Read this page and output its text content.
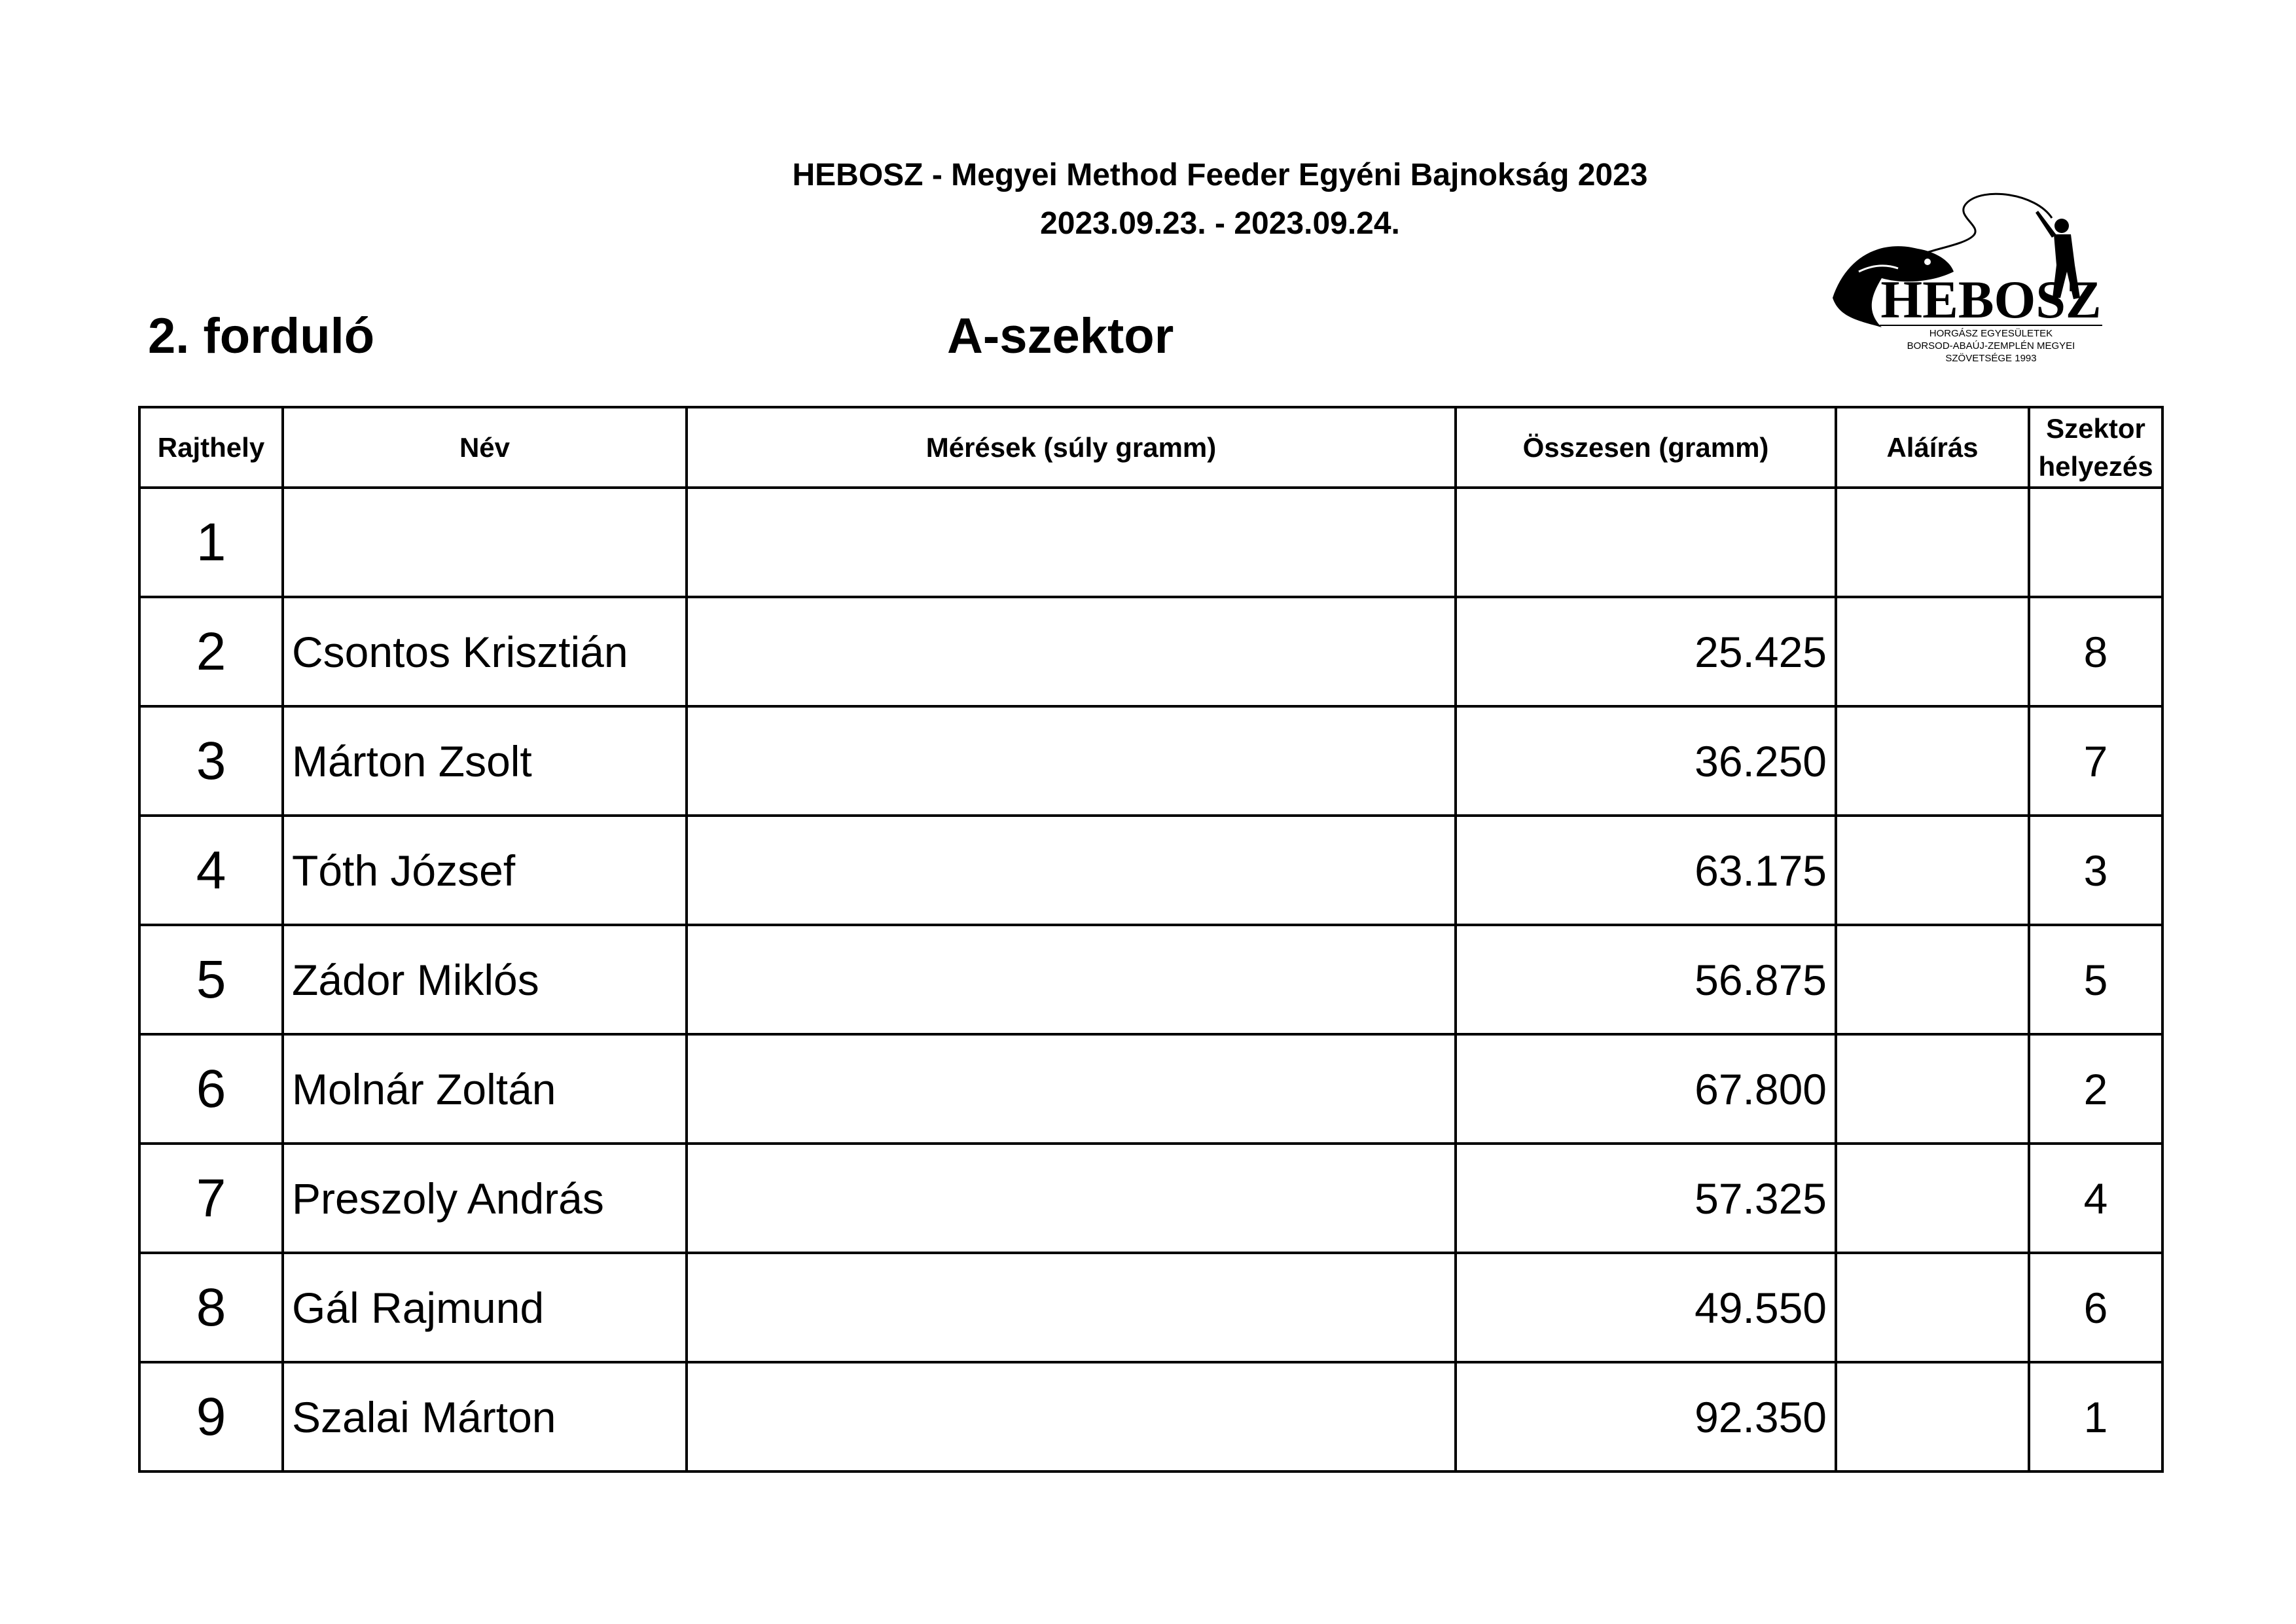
HEBOSZ - Megyei Method Feeder Egyéni Bajnokság 2023
2023.09.23. - 2023.09.24.
2. forduló	A-szektor
HEBOSZ
HORGÁSZ EGYESÜLETEK
BORSOD-ABAÚJ-ZEMPLÉN MEGYEI
SZÖVETSÉGE 1993
Rajthely	Név	Mérések (súly gramm)	Összesen (gramm)	Aláírás	Szektor helyezés
1					
2	Csontos Krisztián		25.425		8
3	Márton Zsolt		36.250		7
4	Tóth József		63.175		3
5	Zádor Miklós		56.875		5
6	Molnár Zoltán		67.800		2
7	Preszoly András		57.325		4
8	Gál Rajmund		49.550		6
9	Szalai Márton		92.350		1
